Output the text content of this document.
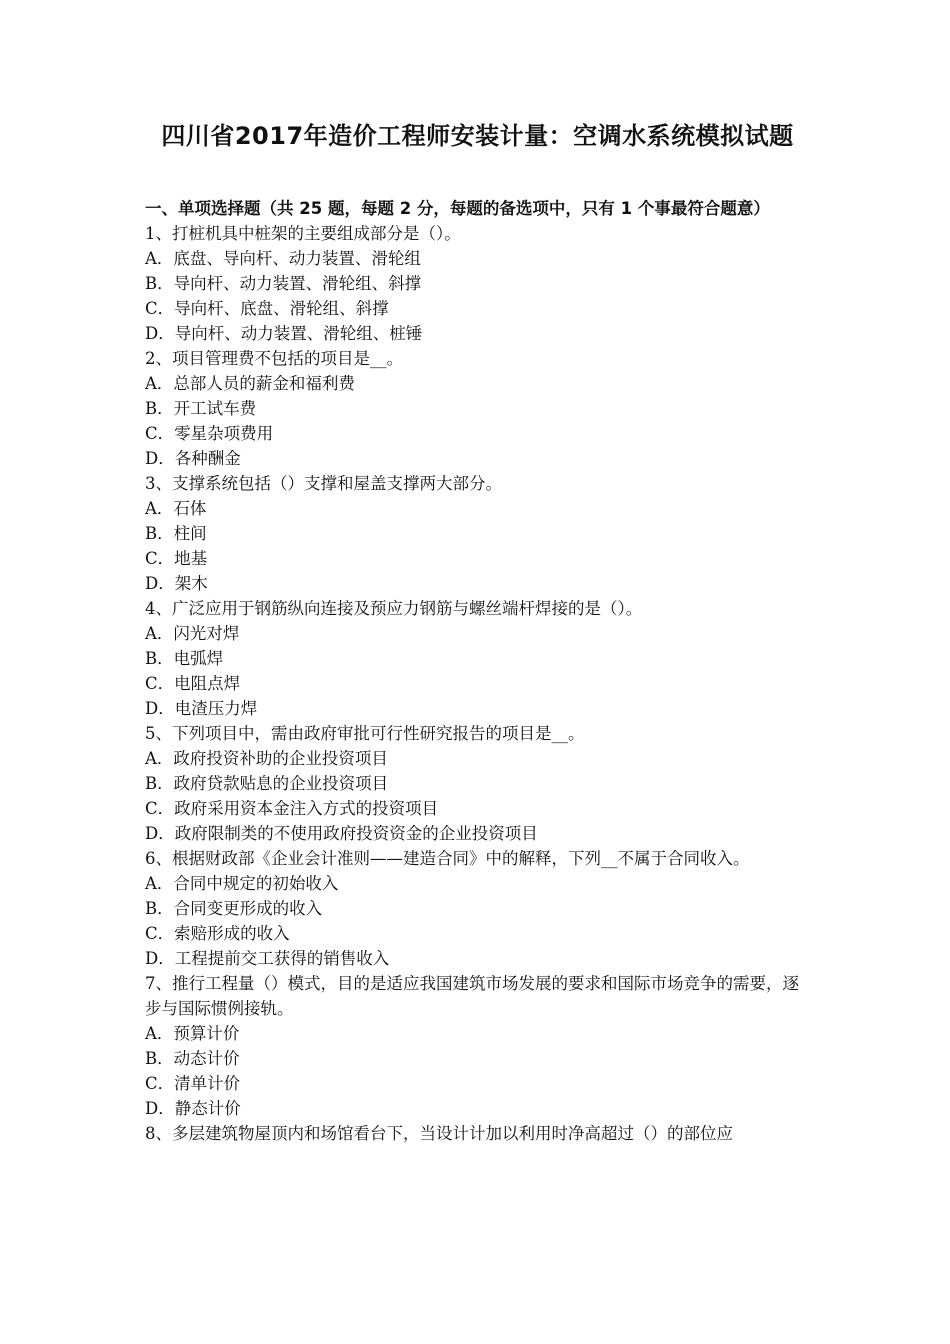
四川省2017年造价工程师安装计量：空调水系统模拟试题

一、单项选择题（共 25 题，每题 2 分，每题的备选项中，只有 1 个事最符合题意）

1、打桩机具中桩架的主要组成部分是（）。

A．底盘、导向杆、动力装置、滑轮组

B．导向杆、动力装置、滑轮组、斜撑

C．导向杆、底盘、滑轮组、斜撑

D．导向杆、动力装置、滑轮组、桩锤

2、项目管理费不包括的项目是__。

A．总部人员的薪金和福利费

B．开工试车费

C．零星杂项费用

D．各种酬金

3、支撑系统包括（）支撑和屋盖支撑两大部分。

A．石体

B．柱间

C．地基

D．架木

4、广泛应用于钢筋纵向连接及预应力钢筋与螺丝端杆焊接的是（）。

A．闪光对焊

B．电弧焊

C．电阻点焊

D．电渣压力焊

5、下列项目中，需由政府审批可行性研究报告的项目是__。

A．政府投资补助的企业投资项目

B．政府贷款贴息的企业投资项目

C．政府采用资本金注入方式的投资项目

D．政府限制类的不使用政府投资资金的企业投资项目

6、根据财政部《企业会计准则——建造合同》中的解释，下列__不属于合同收入。

A．合同中规定的初始收入

B．合同变更形成的收入

C．索赔形成的收入

D．工程提前交工获得的销售收入

7、推行工程量（）模式，目的是适应我国建筑市场发展的要求和国际市场竞争的需要，逐步与国际惯例接轨。

A．预算计价

B．动态计价

C．清单计价

D．静态计价

8、多层建筑物屋顶内和场馆看台下，当设计计加以利用时净高超过（）的部位应
